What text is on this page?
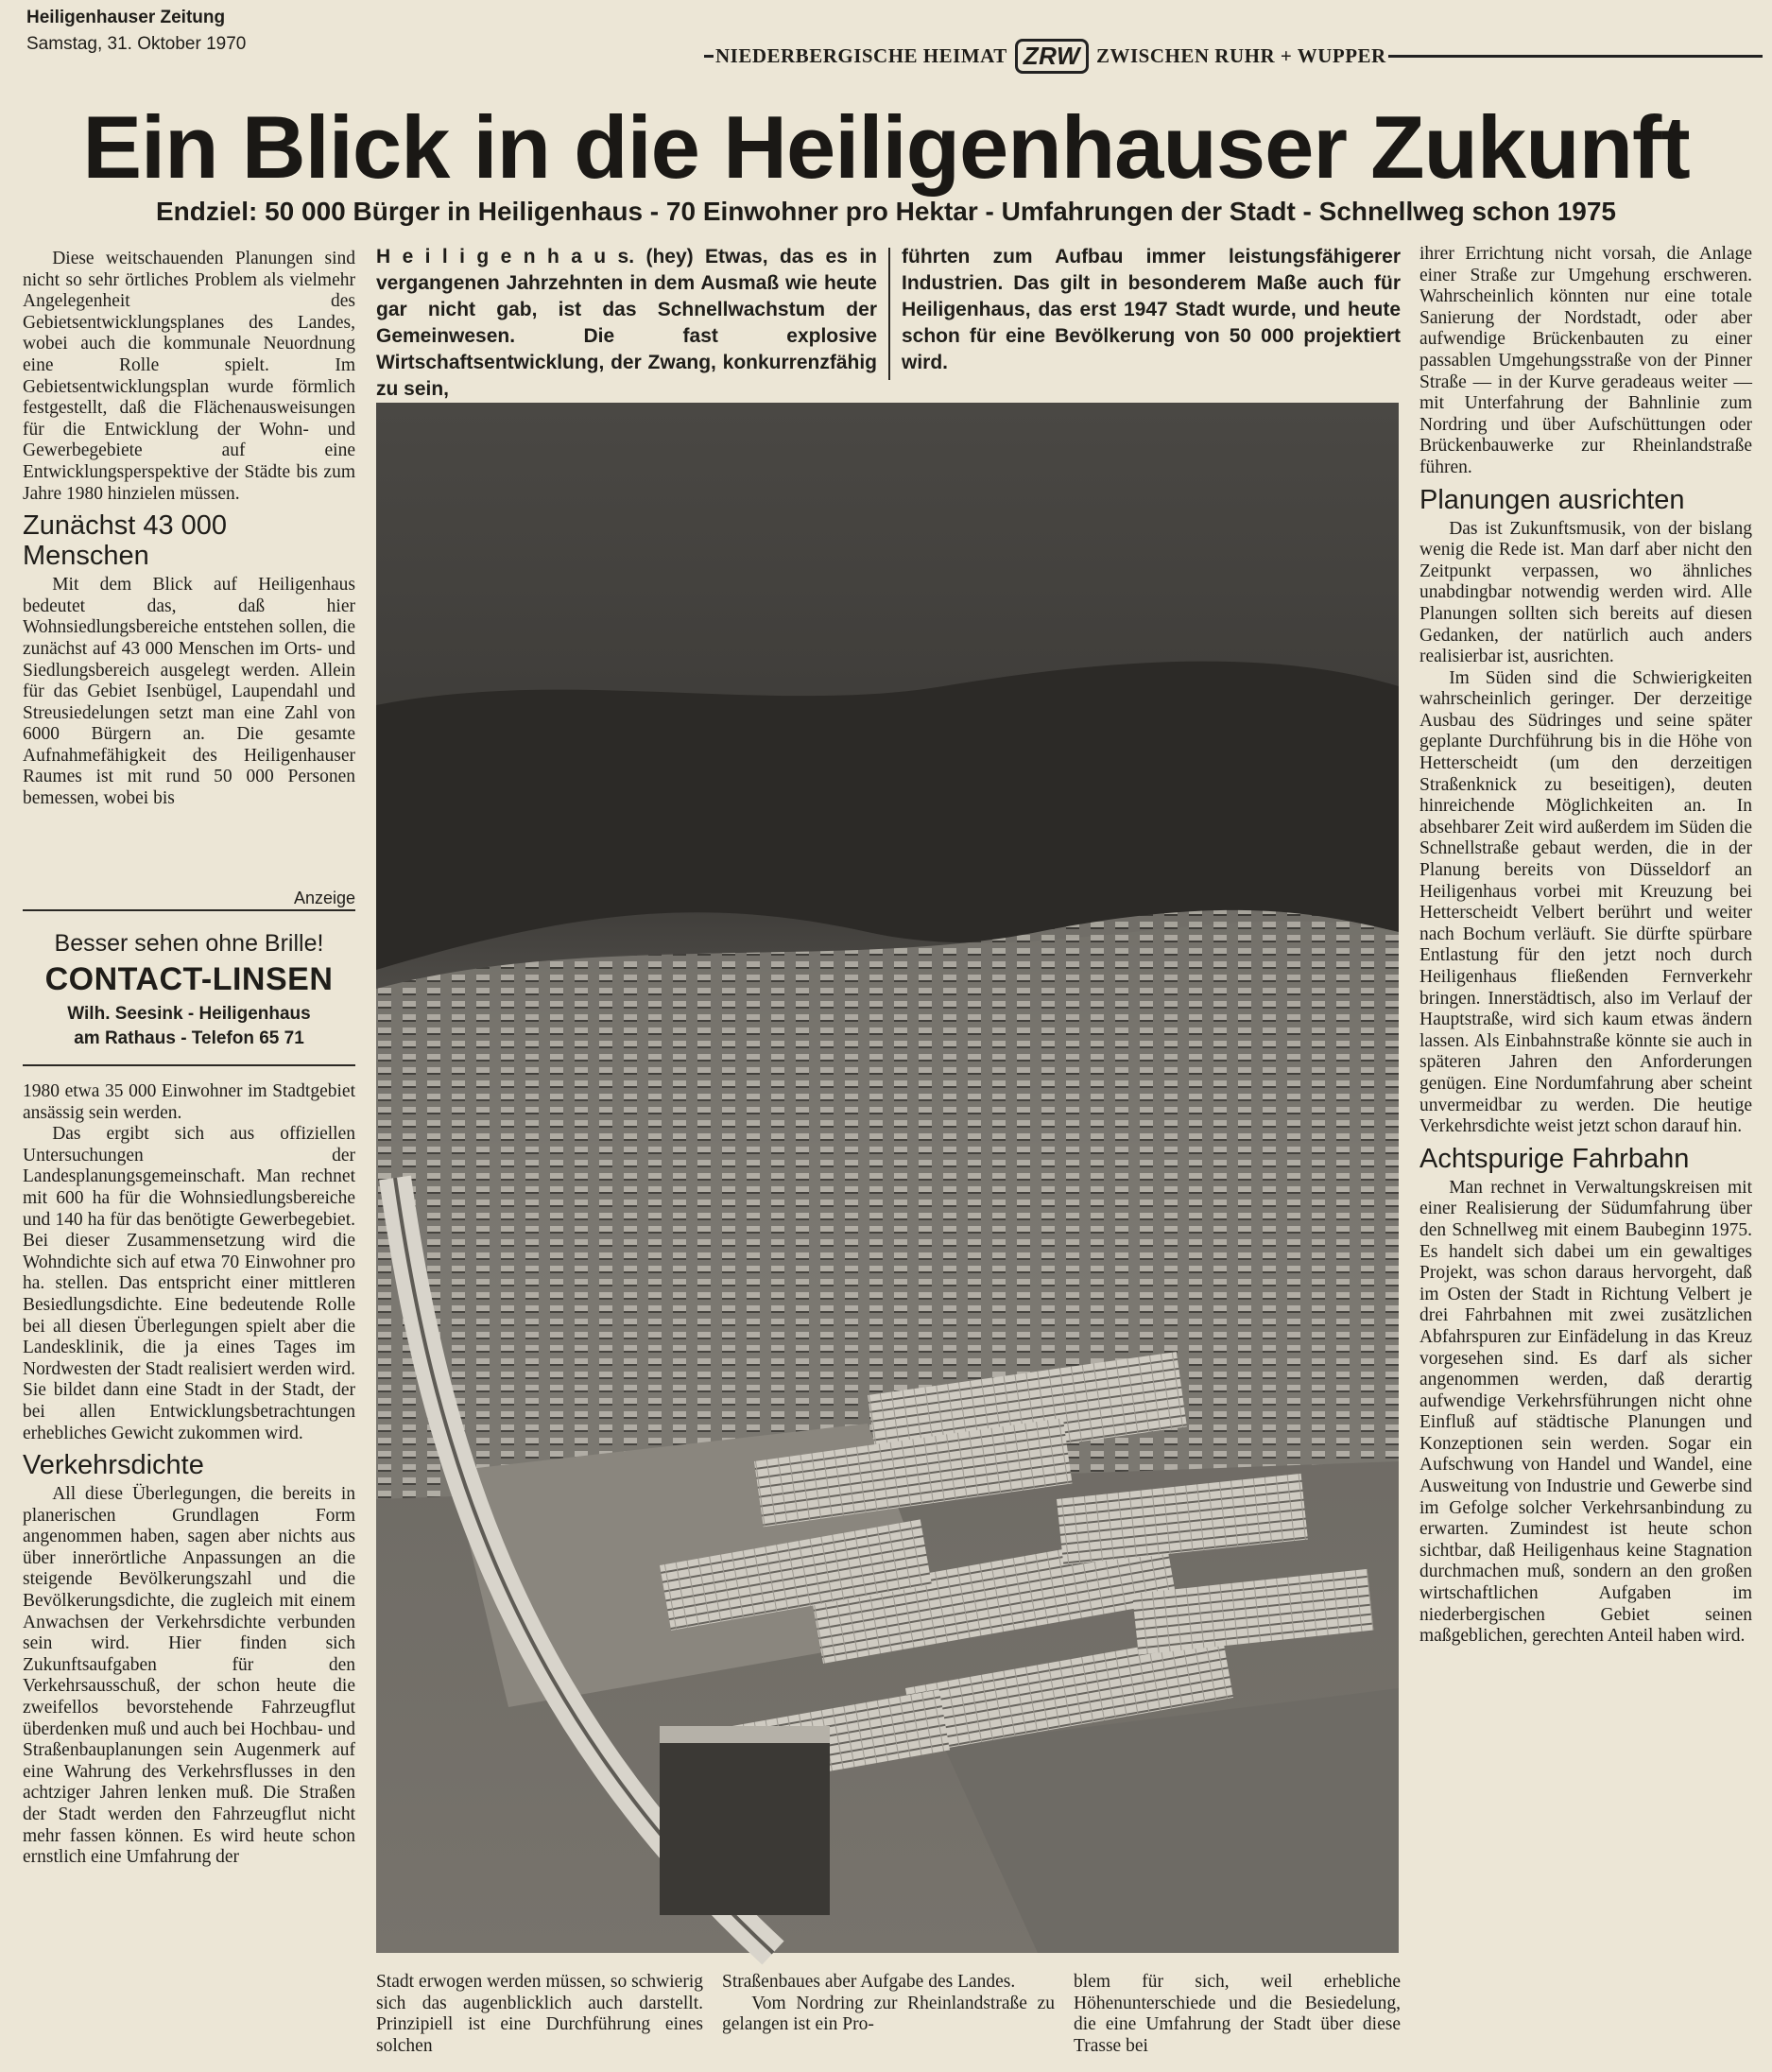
Heiligenhauser Zeitung
Samstag, 31. Oktober 1970	NIEDERBERGISCHE HEIMAT ZRW ZWISCHEN RUHR + WUPPER
Ein Blick in die Heiligenhauser Zukunft
Endziel: 50 000 Bürger in Heiligenhaus - 70 Einwohner pro Hektar - Umfahrungen der Stadt - Schnellweg schon 1975

Diese weitschauenden Planungen sind nicht so sehr örtliches Problem als vielmehr Angelegenheit des Gebietsentwicklungsplanes des Landes, wobei auch die kommunale Neuordnung eine Rolle spielt. Im Gebietsentwicklungsplan wurde förmlich festgestellt, daß die Flächenausweisungen für die Entwicklung der Wohn- und Gewerbegebiete auf eine Entwicklungsperspektive der Städte bis zum Jahre 1980 hinzielen müssen.

Zunächst 43 000 Menschen

Mit dem Blick auf Heiligenhaus bedeutet das, daß hier Wohnsiedlungsbereiche entstehen sollen, die zunächst auf 43 000 Menschen im Orts- und Siedlungsbereich ausgelegt werden. Allein für das Gebiet Isenbügel, Laupendahl und Streusiedelungen setzt man eine Zahl von 6000 Bürgern an. Die gesamte Aufnahmefähigkeit des Heiligenhauser Raumes ist mit rund 50 000 Personen bemessen, wobei bis

Anzeige
Besser sehen ohne Brille!
CONTACT-LINSEN
Wilh. Seesink - Heiligenhaus
am Rathaus - Telefon 65 71

1980 etwa 35 000 Einwohner im Stadtgebiet ansässig sein werden.

Das ergibt sich aus offiziellen Untersuchungen der Landesplanungsgemeinschaft. Man rechnet mit 600 ha für die Wohnsiedlungsbereiche und 140 ha für das benötigte Gewerbegebiet. Bei dieser Zusammensetzung wird die Wohndichte sich auf etwa 70 Einwohner pro ha. stellen. Das entspricht einer mittleren Besiedlungsdichte. Eine bedeutende Rolle bei all diesen Überlegungen spielt aber die Landesklinik, die ja eines Tages im Nordwesten der Stadt realisiert werden wird. Sie bildet dann eine Stadt in der Stadt, der bei allen Entwicklungsbetrachtungen erhebliches Gewicht zukommen wird.

Verkehrsdichte

All diese Überlegungen, die bereits in planerischen Grundlagen Form angenommen haben, sagen aber nichts aus über innerörtliche Anpassungen an die steigende Bevölkerungszahl und die Bevölkerungsdichte, die zugleich mit einem Anwachsen der Verkehrsdichte verbunden sein wird. Hier finden sich Zukunftsaufgaben für den Verkehrsausschuß, der schon heute die zweifellos bevorstehende Fahrzeugflut überdenken muß und auch bei Hochbau- und Straßenbauplanungen sein Augenmerk auf eine Wahrung des Verkehrsflusses in den achtziger Jahren lenken muß. Die Straßen der Stadt werden den Fahrzeugflut nicht mehr fassen können. Es wird heute schon ernstlich eine Umfahrung der

H e i l i g e n h a u s. (hey) Etwas, das es in vergangenen Jahrzehnten in dem Ausmaß wie heute gar nicht gab, ist das Schnellwachstum der Gemeinwesen. Die fast explosive Wirtschaftsentwicklung, der Zwang, konkurrenzfähig zu sein,
führten zum Aufbau immer leistungsfähigerer Industrien. Das gilt in besonderem Maße auch für Heiligenhaus, das erst 1947 Stadt wurde, und heute schon für eine Bevölkerung von 50 000 projektiert wird.

ihrer Errichtung nicht vorsah, die Anlage einer Straße zur Umgehung erschweren. Wahrscheinlich könnten nur eine totale Sanierung der Nordstadt, oder aber aufwendige Brückenbauten zu einer passablen Umgehungsstraße von der Pinner Straße — in der Kurve geradeaus weiter — mit Unterfahrung der Bahnlinie zum Nordring und über Aufschüttungen oder Brückenbauwerke zur Rheinlandstraße führen.

Planungen ausrichten

Das ist Zukunftsmusik, von der bislang wenig die Rede ist. Man darf aber nicht den Zeitpunkt verpassen, wo ähnliches unabdingbar notwendig werden wird. Alle Planungen sollten sich bereits auf diesen Gedanken, der natürlich auch anders realisierbar ist, ausrichten.

Im Süden sind die Schwierigkeiten wahrscheinlich geringer. Der derzeitige Ausbau des Südringes und seine später geplante Durchführung bis in die Höhe von Hetterscheidt (um den derzeitigen Straßenknick zu beseitigen), deuten hinreichende Möglichkeiten an. In absehbarer Zeit wird außerdem im Süden die Schnellstraße gebaut werden, die in der Planung bereits von Düsseldorf an Heiligenhaus vorbei mit Kreuzung bei Hetterscheidt Velbert berührt und weiter nach Bochum verläuft. Sie dürfte spürbare Entlastung für den jetzt noch durch Heiligenhaus fließenden Fernverkehr bringen. Innerstädtisch, also im Verlauf der Hauptstraße, wird sich kaum etwas ändern lassen. Als Einbahnstraße könnte sie auch in späteren Jahren den Anforderungen genügen. Eine Nordumfahrung aber scheint unvermeidbar zu werden. Die heutige Verkehrsdichte weist jetzt schon darauf hin.

Achtspurige Fahrbahn

Man rechnet in Verwaltungskreisen mit einer Realisierung der Südumfahrung über den Schnellweg mit einem Baubeginn 1975. Es handelt sich dabei um ein gewaltiges Projekt, was schon daraus hervorgeht, daß im Osten der Stadt in Richtung Velbert je drei Fahrbahnen mit zwei zusätzlichen Abfahrspuren zur Einfädelung in das Kreuz vorgesehen sind. Es darf als sicher angenommen werden, daß derartig aufwendige Verkehrsführungen nicht ohne Einfluß auf städtische Planungen und Konzeptionen sein werden. Sogar ein Aufschwung von Handel und Wandel, eine Ausweitung von Industrie und Gewerbe sind im Gefolge solcher Verkehrsanbindung zu erwarten. Zumindest ist heute schon sichtbar, daß Heiligenhaus keine Stagnation durchmachen muß, sondern an den großen wirtschaftlichen Aufgaben im niederbergischen Gebiet seinen maßgeblichen, gerechten Anteil haben wird.

Stadt erwogen werden müssen, so schwierig sich das augenblicklich auch darstellt. Prinzipiell ist eine Durchführung eines solchen

Straßenbaues aber Aufgabe des Landes.

Vom Nordring zur Rheinlandstraße zu gelangen ist ein Pro-

blem für sich, weil erhebliche Höhenunterschiede und die Besiedelung, die eine Umfahrung der Stadt über diese Trasse bei
